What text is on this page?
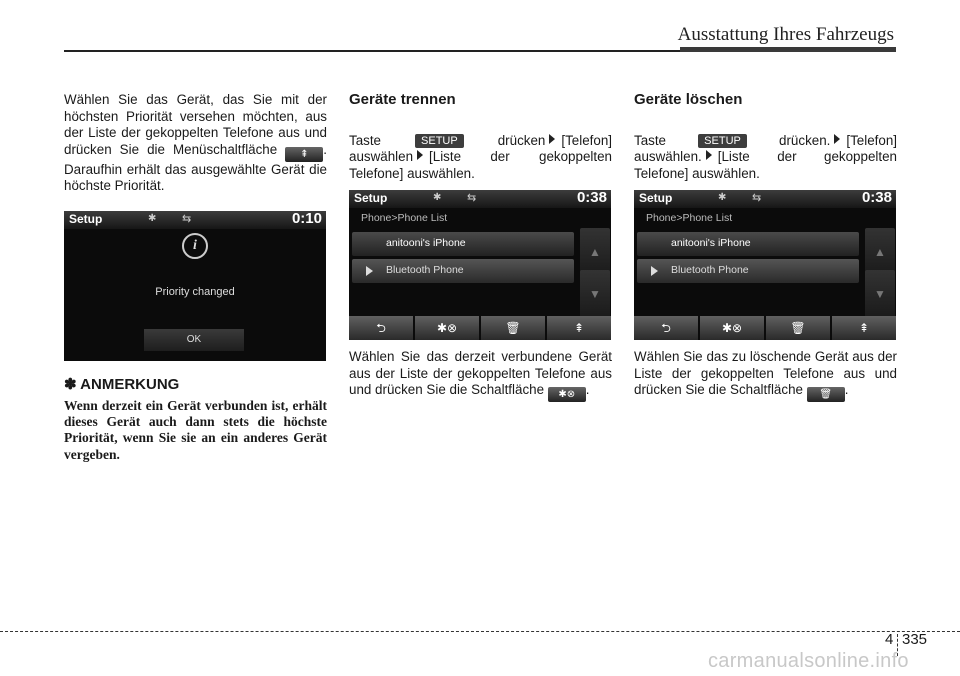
Ausstattung Ihres Fahrzeugs

Wählen Sie das Gerät, das Sie mit der höchsten Priorität versehen möchten, aus der Liste der gekoppelten Telefone aus und drücken Sie die Menüschaltfläche ⇞ . Daraufhin erhält das ausgewählte Gerät die höchste Priorität.

Setup	✱ ⇆	0:10
i
Priority changed
OK

✽ ANMERKUNG

Wenn derzeit ein Gerät verbunden ist, erhält dieses Gerät auch dann stets die höchste Priorität, wenn Sie sie an ein anderes Gerät vergeben.

Geräte trennen

Taste	SETUP	drücken [Telefon] auswählen [Liste der gekoppelten Telefone] auswählen.

Setup	✱ ⇆	0:38
Phone>Phone List
anitooni's iPhone
Bluetooth Phone
▲
▼
⮌	✱⊗	🗑	⇞

Wählen Sie das derzeit verbundene Gerät aus der Liste der gekoppelten Telefone aus und drücken Sie die Schaltfläche ✱⊗ .

Geräte löschen

Taste	SETUP	drücken. [Telefon] auswählen. [Liste der gekoppelten Telefone] auswählen.

Setup	✱ ⇆	0:38
Phone>Phone List
anitooni's iPhone
Bluetooth Phone
▲
▼
⮌	✱⊗	🗑	⇞

Wählen Sie das zu löschende Gerät aus der Liste der gekoppelten Telefone aus und drücken Sie die Schaltfläche 🗑 .

4 335
carmanualsonline.info
